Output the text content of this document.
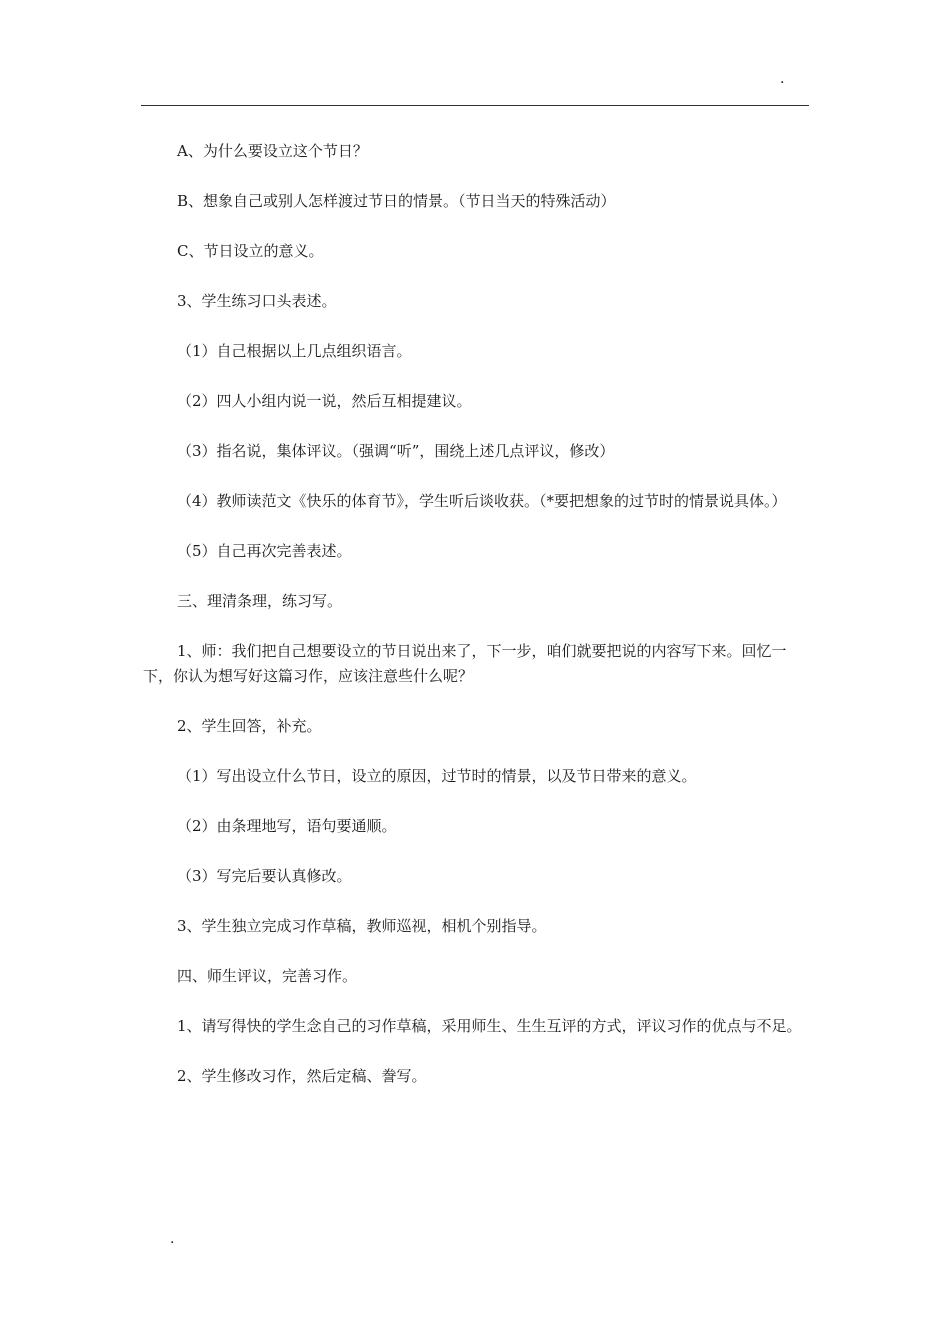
.

A、为什么要设立这个节日？

B、想象自己或别人怎样渡过节日的情景。（节日当天的特殊活动）

C、节日设立的意义。

3、学生练习口头表述。

（1）自己根据以上几点组织语言。

（2）四人小组内说一说，然后互相提建议。

（3）指名说，集体评议。（强调“听”，围绕上述几点评议，修改）

（4）教师读范文《快乐的体育节》，学生听后谈收获。（*要把想象的过节时的情景说具体。）

（5）自己再次完善表述。

三、理清条理，练习写。

1、师：我们把自己想要设立的节日说出来了，下一步，咱们就要把说的内容写下来。回忆一下，你认为想写好这篇习作，应该注意些什么呢？

2、学生回答，补充。

（1）写出设立什么节日，设立的原因，过节时的情景，以及节日带来的意义。

（2）由条理地写，语句要通顺。

（3）写完后要认真修改。

3、学生独立完成习作草稿，教师巡视，相机个别指导。

四、师生评议，完善习作。

1、请写得快的学生念自己的习作草稿，采用师生、生生互评的方式，评议习作的优点与不足。

2、学生修改习作，然后定稿、誊写。

.
